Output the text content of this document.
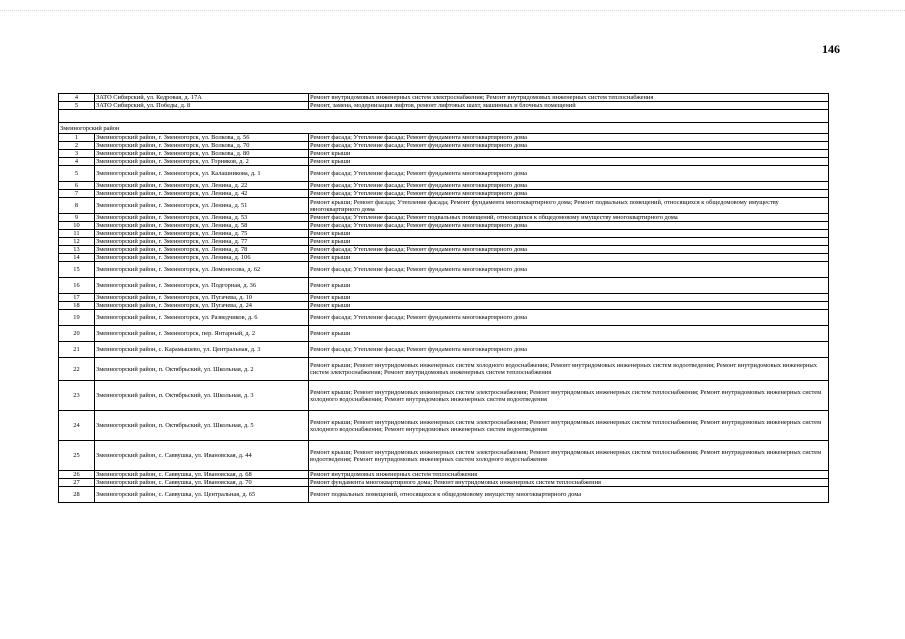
146
4	ЗАТО Сибирский, ул. Кедровая, д. 17А	Ремонт внутридомовых инженерных систем электроснабжения; Ремонт внутридомовых инженерных систем теплоснабжения
5	ЗАТО Сибирский, ул. Победы, д. 8	Ремонт, замена, модернизация лифтов, ремонт лифтовых шахт, машинных и блочных помещений

Змеиногорский район		
1	Змеиногорский район, г. Змеиногорск, ул. Волкова, д. 56	Ремонт фасада; Утепление фасада; Ремонт фундамента многоквартирного дома
2	Змеиногорский район, г. Змеиногорск, ул. Волкова, д. 70	Ремонт фасада; Утепление фасада; Ремонт фундамента многоквартирного дома
3	Змеиногорский район, г. Змеиногорск, ул. Волкова, д. 80	Ремонт крыши
4	Змеиногорский район, г. Змеиногорск, ул. Горняков, д. 2	Ремонт крыши
5	Змеиногорский район, г. Змеиногорск, ул. Калашникова, д. 1	Ремонт фасада; Утепление фасада; Ремонт фундамента многоквартирного дома
6	Змеиногорский район, г. Змеиногорск, ул. Ленина, д. 22	Ремонт фасада; Утепление фасада; Ремонт фундамента многоквартирного дома
7	Змеиногорский район, г. Змеиногорск, ул. Ленина, д. 42	Ремонт фасада; Утепление фасада; Ремонт фундамента многоквартирного дома
8	Змеиногорский район, г. Змеиногорск, ул. Ленина, д. 51	Ремонт крыши; Ремонт фасада; Утепление фасада; Ремонт фундамента многоквартирного дома; Ремонт подвальных помещений, относящихся к общедомовому имуществу многоквартирного дома
9	Змеиногорский район, г. Змеиногорск, ул. Ленина, д. 53	Ремонт фасада; Утепление фасада; Ремонт подвальных помещений, относящихся к общедомовому имуществу многоквартирного дома
10	Змеиногорский район, г. Змеиногорск, ул. Ленина, д. 58	Ремонт фасада; Утепление фасада; Ремонт фундамента многоквартирного дома
11	Змеиногорский район, г. Змеиногорск, ул. Ленина, д. 75	Ремонт крыши
12	Змеиногорский район, г. Змеиногорск, ул. Ленина, д. 77	Ремонт крыши
13	Змеиногорский район, г. Змеиногорск, ул. Ленина, д. 78	Ремонт фасада; Утепление фасада; Ремонт фундамента многоквартирного дома
14	Змеиногорский район, г. Змеиногорск, ул. Ленина, д. 106	Ремонт крыши
15	Змеиногорский район, г. Змеиногорск, ул. Ломоносова, д. 62	Ремонт фасада; Утепление фасада; Ремонт фундамента многоквартирного дома
16	Змеиногорский район, г. Змеиногорск, ул. Подгорная, д. 36	Ремонт крыши
17	Змеиногорский район, г. Змеиногорск, ул. Пугачева, д. 10	Ремонт крыши
18	Змеиногорский район, г. Змеиногорск, ул. Пугачева, д. 24	Ремонт крыши
19	Змеиногорский район, г. Змеиногорск, ул. Разведчиков, д. 6	Ремонт фасада; Утепление фасада; Ремонт фундамента многоквартирного дома
20	Змеиногорский район, г. Змеиногорск, пер. Янтарный, д. 2	Ремонт крыши
21	Змеиногорский район, с. Карамышево, ул. Центральная, д. 3	Ремонт фасада; Утепление фасада; Ремонт фундамента многоквартирного дома
22	Змеиногорский район, п. Октябрьский, ул. Школьная, д. 2	Ремонт крыши; Ремонт внутридомовых инженерных систем холодного водоснабжения; Ремонт внутридомовых инженерных систем водоотведения; Ремонт внутридомовых инженерных систем электроснабжения; Ремонт внутридомовых инженерных систем теплоснабжения
23	Змеиногорский район, п. Октябрьский, ул. Школьная, д. 3	Ремонт крыши; Ремонт внутридомовых инженерных систем электроснабжения; Ремонт внутридомовых инженерных систем теплоснабжения; Ремонт внутридомовых инженерных систем холодного водоснабжения; Ремонт внутридомовых инженерных систем водоотведения
24	Змеиногорский район, п. Октябрьский, ул. Школьная, д. 5	Ремонт крыши; Ремонт внутридомовых инженерных систем электроснабжения; Ремонт внутридомовых инженерных систем теплоснабжения; Ремонт внутридомовых инженерных систем холодного водоснабжения; Ремонт внутридомовых инженерных систем водоотведения
25	Змеиногорский район, с. Саввушка, ул. Ивановская, д. 44	Ремонт крыши; Ремонт внутридомовых инженерных систем электроснабжения; Ремонт внутридомовых инженерных систем теплоснабжения; Ремонт внутридомовых инженерных систем водоотведения; Ремонт внутридомовых инженерных систем холодного водоснабжения
26	Змеиногорский район, с. Саввушка, ул. Ивановская, д. 68	Ремонт внутридомовых инженерных систем теплоснабжения
27	Змеиногорский район, с. Саввушка, ул. Ивановская, д. 70	Ремонт фундамента многоквартирного дома; Ремонт внутридомовых инженерных систем теплоснабжения
28	Змеиногорский район, с. Саввушка, ул. Центральная, д. 65	Ремонт подвальных помещений, относящихся к общедомовому имуществу многоквартирного дома
